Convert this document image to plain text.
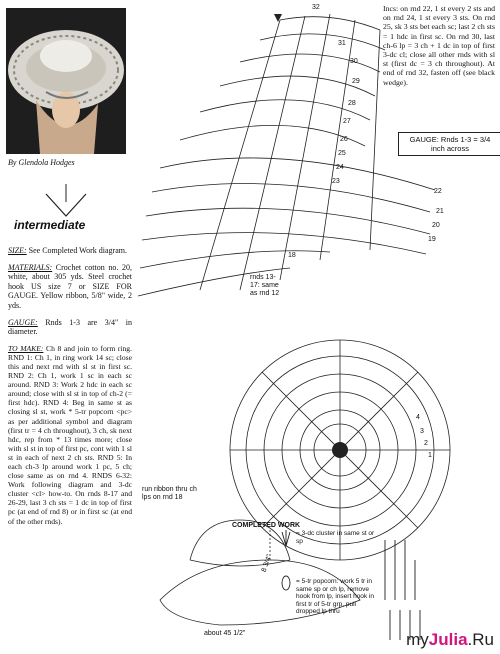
By Glendola Hodges
intermediate

SIZE: See Completed Work diagram.

MATERIALS: Crochet cotton no. 20, white, about 305 yds. Steel crochet hook US size 7 or SIZE FOR GAUGE. Yellow ribbon, 5/8" wide, 2 yds.

GAUGE: Rnds 1-3 are 3/4" in diameter.

TO MAKE: Ch 8 and join to form ring. RND 1: Ch 1, in ring work 14 sc; close this and next rnd with sl st in first sc. RND 2: Ch 1, work 1 sc in each sc around. RND 3: Work 2 hdc in each sc around; close with sl st in top of ch-2 (= first hdc). RND 4: Beg in same st as closing sl st, work * 5-tr popcorn <pc> as per additional symbol and diagram (first tr = 4 ch throughout), 3 ch, sk next hdc, rep from * 13 times more; close with sl st in top of first pc, cont with 1 sl st in each of next 2 ch sts. RND 5: In each ch-3 lp around work 1 pc, 5 ch; close same as on rnd 4. RNDS 6-32: Work following diagram and 3-dc cluster <cl> how-to. On rnds 8-17 and 26-29, last 3 ch sts = 1 dc in top of first pc (at end of rnd 8) or in first sc (at end of the other rnds).

Incs: on rnd 22, 1 st every 2 sts and on rnd 24, 1 st every 3 sts. On rnd 25, sk 3 sts bet each sc; last 2 ch sts = 1 hdc in first sc. On rnd 30, last ch-6 lp = 3 ch + 1 dc in top of first 3-dc cl; close all other rnds with sl st (first dc = 3 ch throughout). At end of rnd 32, fasten off (see black wedge).
GAUGE: Rnds 1-3 = 3/4 inch across
32
31
30
29
28
27
26
25
24
23
22
21
20
19
18
rnds 13-17: same as rnd 12
1
2
3
4
COMPLETED WORK
run ribbon thru ch lps on rnd 18
8 3/4"
about 45 1/2"
= 3-dc cluster in same st or sp
= 5-tr popcorn: work 5 tr in same sp or ch lp, remove hook from lp, insert hook in first tr of 5-tr grp, pull dropped lp thru
myJulia.Ru
